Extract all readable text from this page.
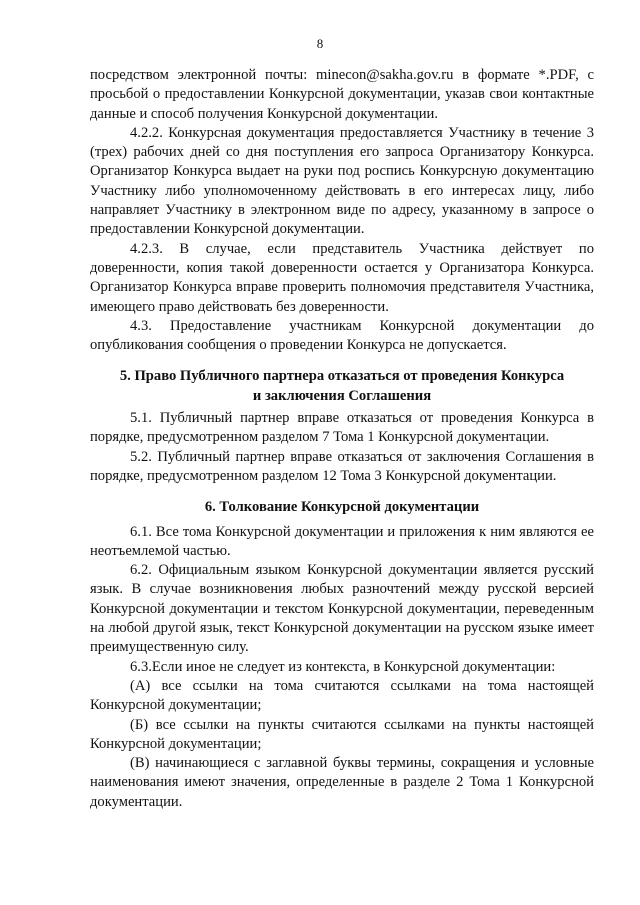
8

посредством электронной почты: minecon@sakha.gov.ru в формате *.PDF, с просьбой о предоставлении Конкурсной документации, указав свои контактные данные и способ получения Конкурсной документации.

4.2.2. Конкурсная документация предоставляется Участнику в течение 3 (трех) рабочих дней со дня поступления его запроса Организатору Конкурса. Организатор Конкурса выдает на руки под роспись Конкурсную документацию Участнику либо уполномоченному действовать в его интересах лицу, либо направляет Участнику в электронном виде по адресу, указанному в запросе о предоставлении Конкурсной документации.

4.2.3. В случае, если представитель Участника действует по доверенности, копия такой доверенности остается у Организатора Конкурса. Организатор Конкурса вправе проверить полномочия представителя Участника, имеющего право действовать без доверенности.

4.3. Предоставление участникам Конкурсной документации до опубликования сообщения о проведении Конкурса не допускается.

5. Право Публичного партнера отказаться от проведения Конкурса
и заключения Соглашения

5.1. Публичный партнер вправе отказаться от проведения Конкурса в порядке, предусмотренном разделом 7 Тома 1 Конкурсной документации.

5.2. Публичный партнер вправе отказаться от заключения Соглашения в порядке, предусмотренном разделом 12 Тома 3 Конкурсной документации.

6. Толкование Конкурсной документации

6.1. Все тома Конкурсной документации и приложения к ним являются ее неотъемлемой частью.

6.2. Официальным языком Конкурсной документации является русский язык. В случае возникновения любых разночтений между русской версией Конкурсной документации и текстом Конкурсной документации, переведенным на любой другой язык, текст Конкурсной документации на русском языке имеет преимущественную силу.

6.3.Если иное не следует из контекста, в Конкурсной документации:

(А) все ссылки на тома считаются ссылками на тома настоящей Конкурсной документации;

(Б) все ссылки на пункты считаются ссылками на пункты настоящей Конкурсной документации;

(В) начинающиеся с заглавной буквы термины, сокращения и условные наименования имеют значения, определенные в разделе 2 Тома 1 Конкурсной документации.
